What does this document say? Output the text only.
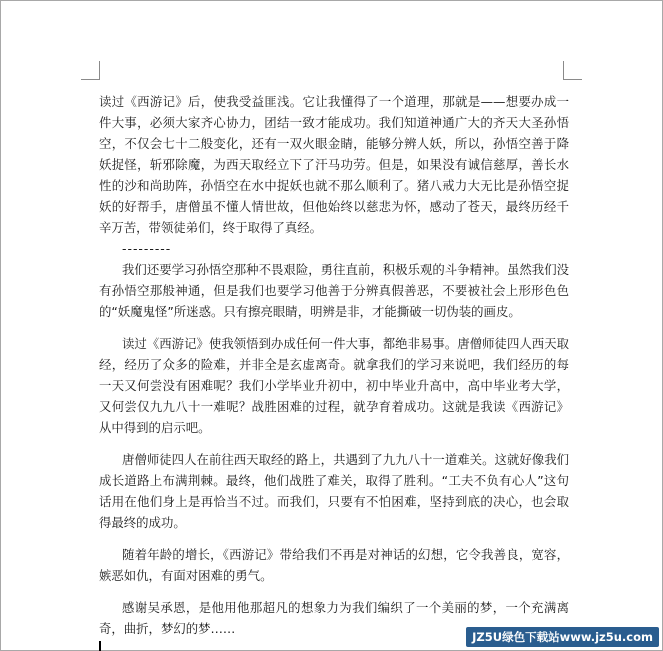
读过《西游记》后，使我受益匪浅。它让我懂得了一个道理，那就是——想要办成一件大事，必须大家齐心协力，团结一致才能成功。我们知道神通广大的齐天大圣孙悟空，不仅会七十二般变化，还有一双火眼金睛，能够分辨人妖，所以，孙悟空善于降妖捉怪，斩邪除魔，为西天取经立下了汗马功劳。但是，如果没有诚信慈厚，善长水性的沙和尚助阵，孙悟空在水中捉妖也就不那么顺利了。猪八戒力大无比是孙悟空捉妖的好帮手，唐僧虽不懂人情世故，但他始终以慈悲为怀，感动了苍天，最终历经千辛万苦，带领徒弟们，终于取得了真经。

---------

我们还要学习孙悟空那种不畏艰险，勇往直前，积极乐观的斗争精神。虽然我们没有孙悟空那般神通，但是我们也要学习他善于分辨真假善恶，不要被社会上形形色色的“妖魔鬼怪”所迷惑。只有擦亮眼睛，明辨是非，才能撕破一切伪装的画皮。

读过《西游记》使我领悟到办成任何一件大事，都绝非易事。唐僧师徒四人西天取经，经历了众多的险难，并非全是玄虚离奇。就拿我们的学习来说吧，我们经历的每一天又何尝没有困难呢？我们小学毕业升初中，初中毕业升高中，高中毕业考大学，又何尝仅九九八十一难呢？战胜困难的过程，就孕育着成功。这就是我读《西游记》从中得到的启示吧。

唐僧师徒四人在前往西天取经的路上，共遇到了九九八十一道难关。这就好像我们成长道路上布满荆棘。最终，他们战胜了难关，取得了胜利。“工夫不负有心人”这句话用在他们身上是再恰当不过。而我们，只要有不怕困难，坚持到底的决心，也会取得最终的成功。

随着年龄的增长，《西游记》带给我们不再是对神话的幻想，它令我善良，宽容，嫉恶如仇，有面对困难的勇气。

感谢吴承恩，是他用他那超凡的想象力为我们编织了一个美丽的梦，一个充满离奇，曲折，梦幻的梦……

JZ5U绿色下载站www.jz5u.com
